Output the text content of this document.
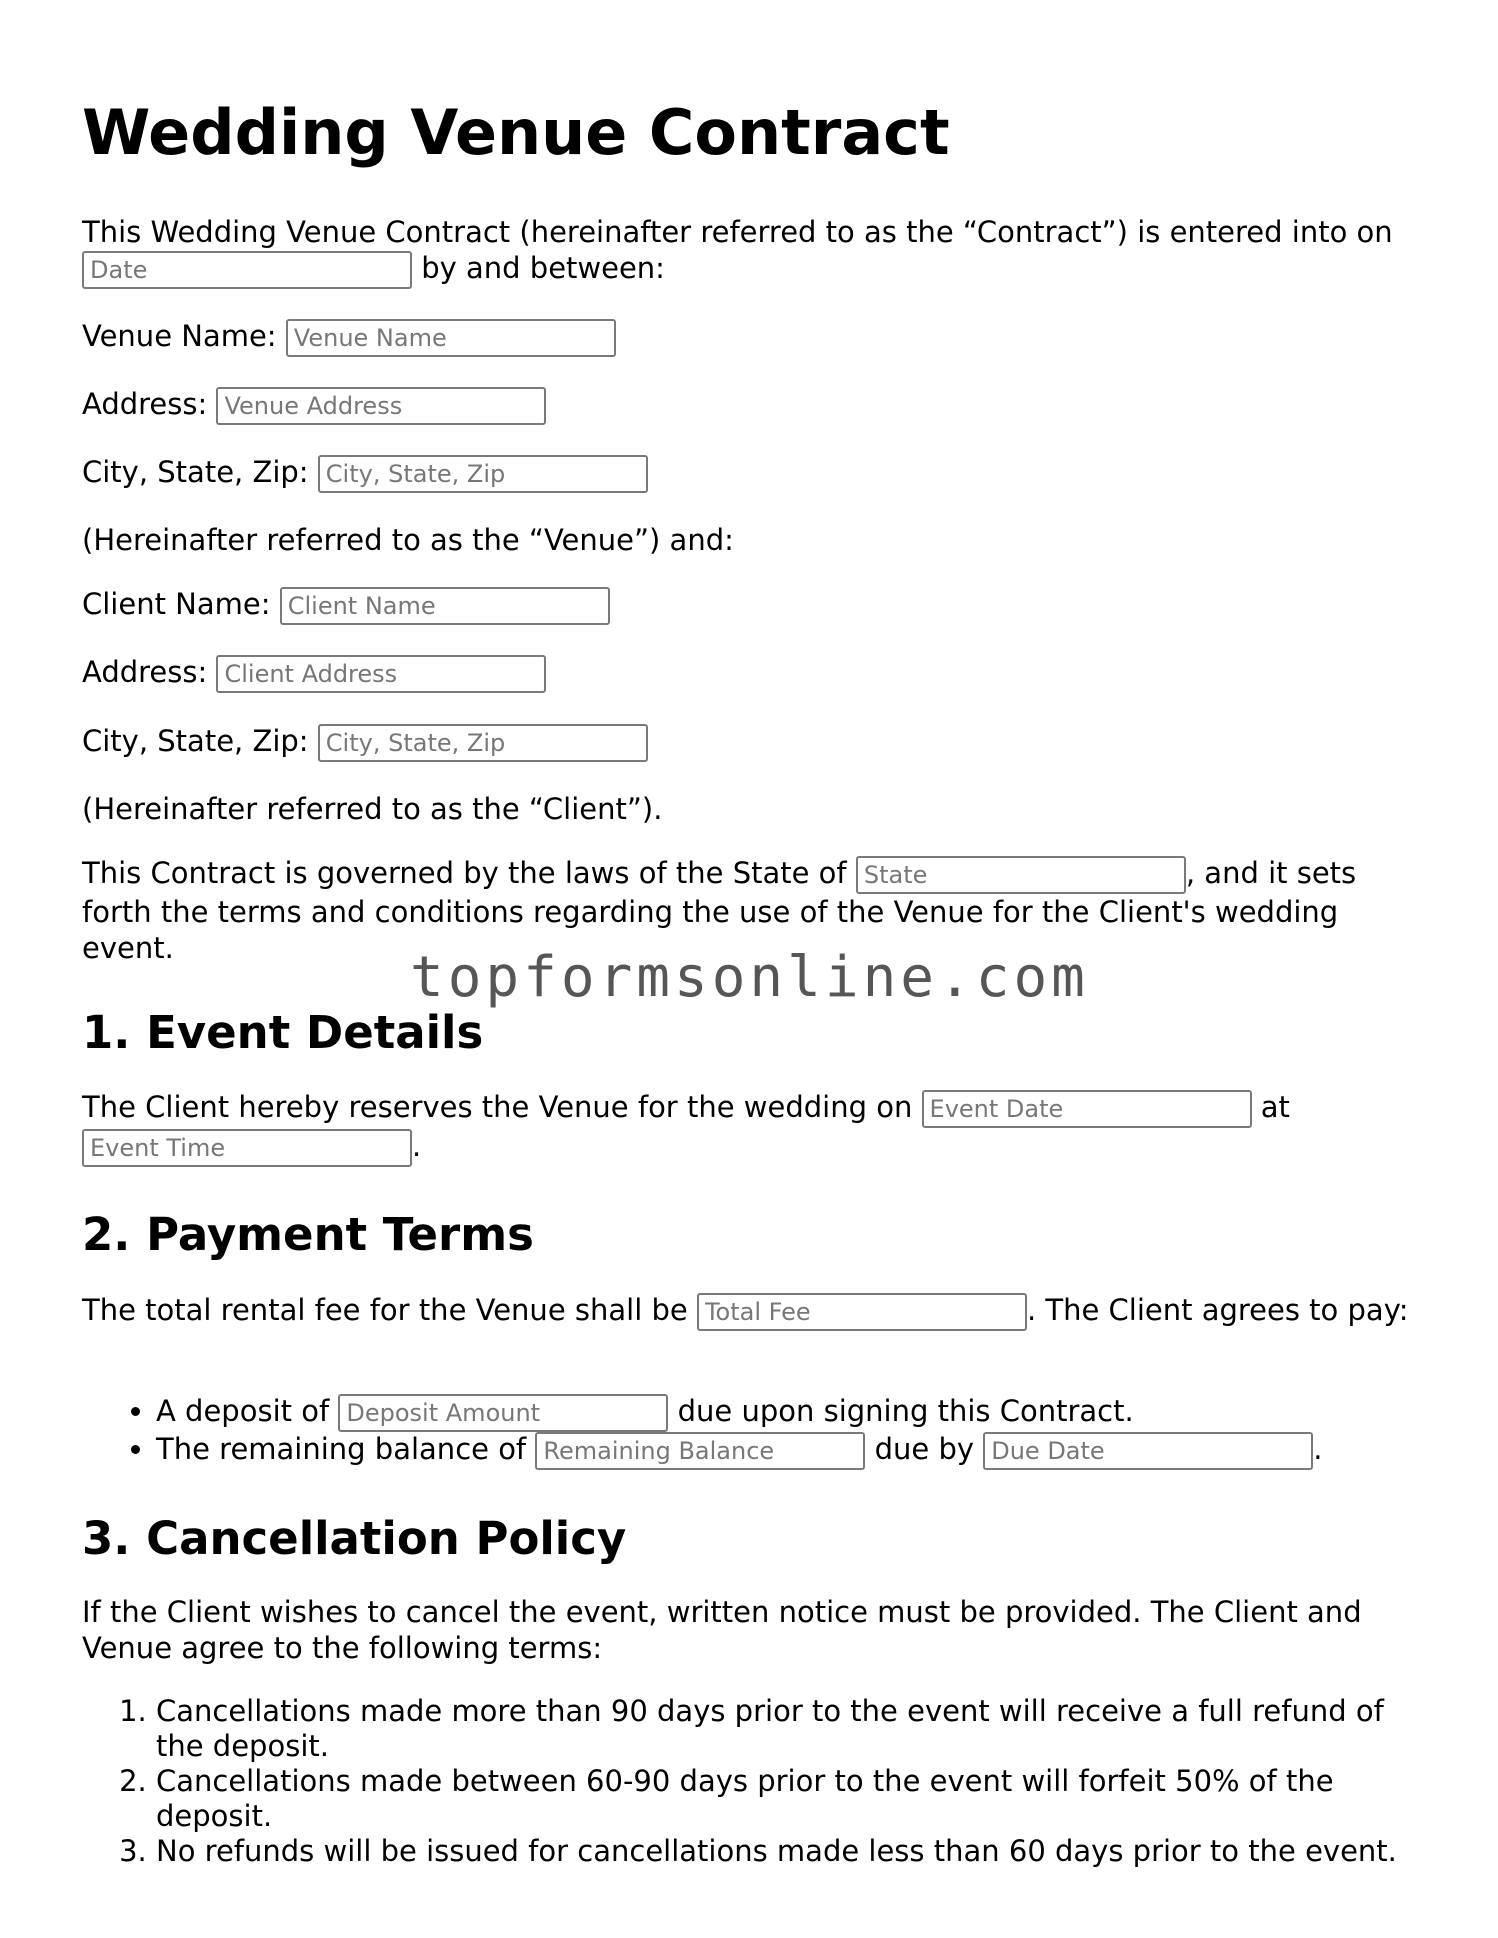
Wedding Venue Contract
This Wedding Venue Contract (hereinafter referred to as the “Contract”) is entered into on Date by and between:
Venue Name: Venue Name
Address: Venue Address
City, State, Zip: City, State, Zip
(Hereinafter referred to as the “Venue”) and:
Client Name: Client Name
Address: Client Address
City, State, Zip: City, State, Zip
(Hereinafter referred to as the “Client”).
This Contract is governed by the laws of the State of State	, and it sets forth the terms and conditions regarding the use of the Venue for the Client's wedding event.	topformsonline.com
1. Event Details
The Client hereby reserves the Venue for the wedding on Event Date	at Event Time.
2. Payment Terms
The total rental fee for the Venue shall be Total Fee	. The Client agrees to pay:
• A deposit of Deposit Amount	due upon signing this Contract.
• The remaining balance of Remaining Balance	due by Due Date	.
3. Cancellation Policy
If the Client wishes to cancel the event, written notice must be provided. The Client and Venue agree to the following terms:
1. Cancellations made more than 90 days prior to the event will receive a full refund of the deposit.
2. Cancellations made between 60-90 days prior to the event will forfeit 50% of the deposit.
3. No refunds will be issued for cancellations made less than 60 days prior to the event.
